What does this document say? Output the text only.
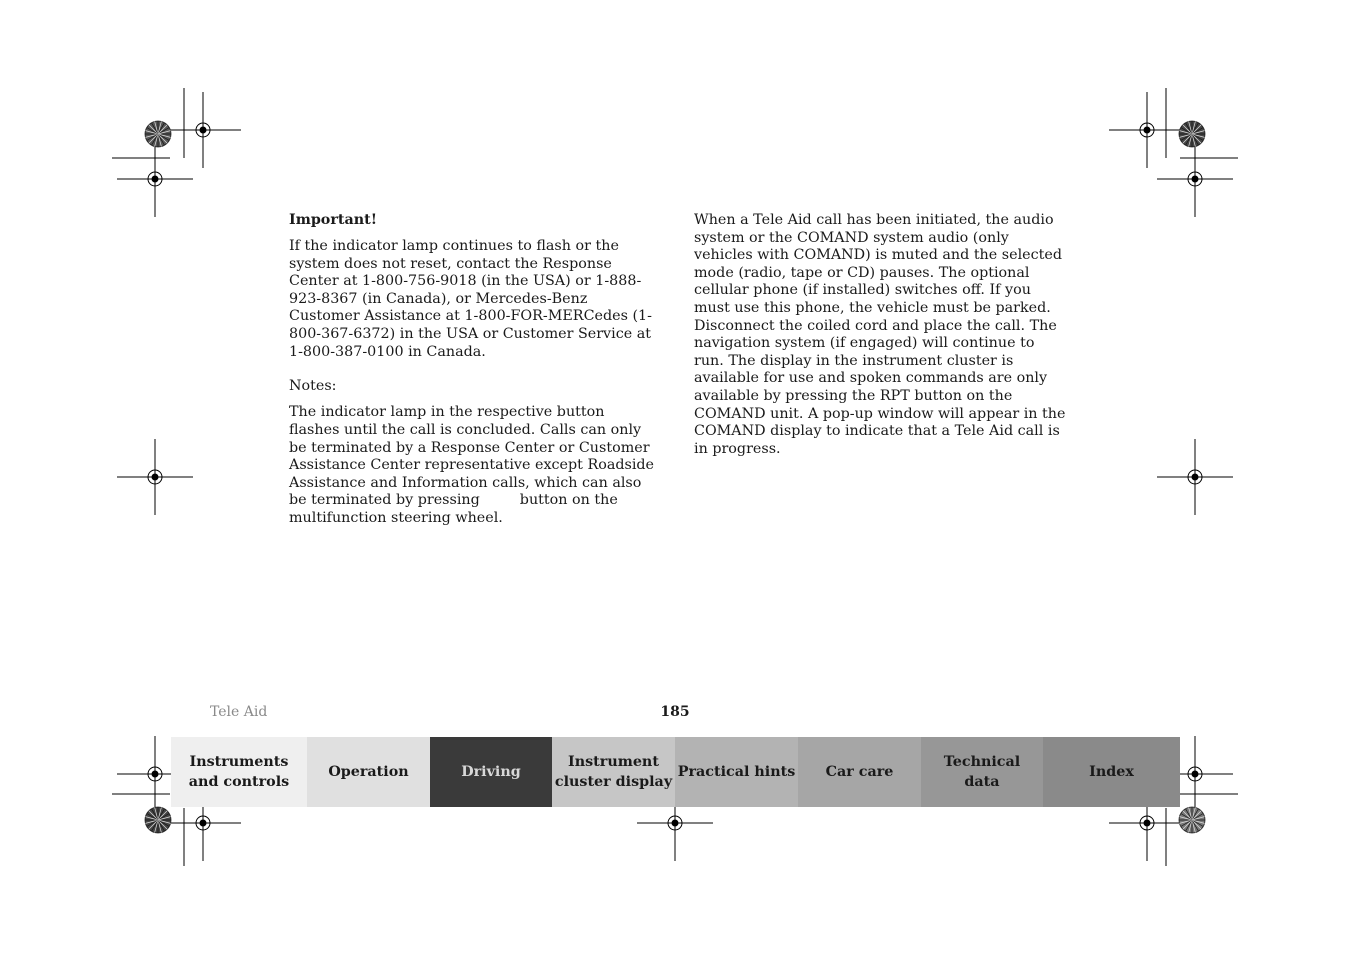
Important!

If the indicator lamp continues to flash or the system does not reset, contact the Response Center at 1-800-756-9018 (in the USA) or 1-888-923-8367 (in Canada), or Mercedes-Benz Customer Assistance at 1-800-FOR-MERCedes (1-800-367-6372) in the USA or Customer Service at 1-800-387-0100 in Canada.

Notes:

The indicator lamp in the respective button flashes until the call is concluded. Calls can only be terminated by a Response Center or Customer Assistance Center representative except Roadside Assistance and Information calls, which can also be terminated by pressing	button on the multifunction steering wheel.

When a Tele Aid call has been initiated, the audio system or the COMAND system audio (only vehicles with COMAND) is muted and the selected mode (radio, tape or CD) pauses. The optional cellular phone (if installed) switches off. If you must use this phone, the vehicle must be parked. Disconnect the coiled cord and place the call. The navigation system (if engaged) will continue to run. The display in the instrument cluster is available for use and spoken commands are only available by pressing the RPT button on the COMAND unit. A pop-up window will appear in the COMAND display to indicate that a Tele Aid call is in progress.

Tele Aid	185
Instruments
and controls
Operation	Driving
Instrument
cluster display
Practical hints Car care
Technical
data
Index
